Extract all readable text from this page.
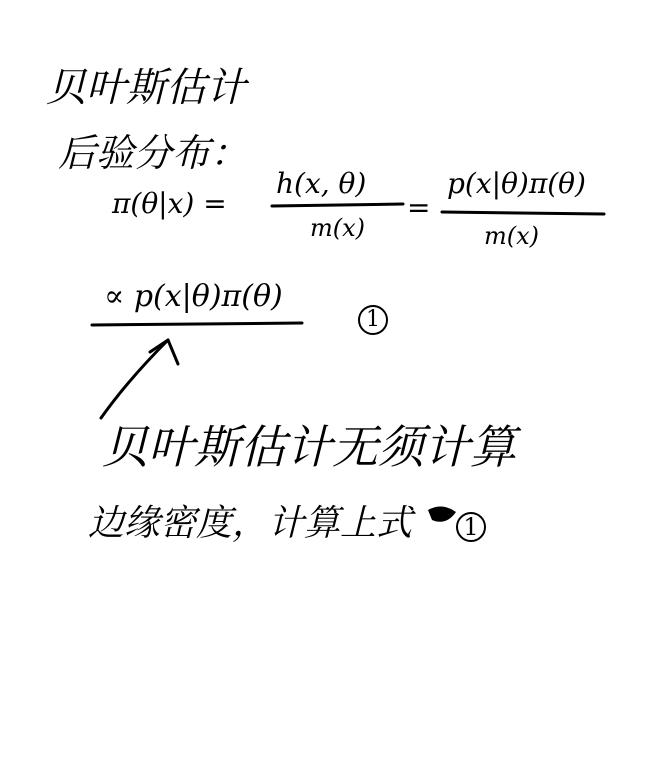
贝叶斯估计
后验分布：
π(θ|x) =
h(x, θ)
m(x)
=
p(x|θ)π(θ)
m(x)
∝ p(x|θ)π(θ)
1
贝叶斯估计无须计算
边缘密度，计算上式	1
